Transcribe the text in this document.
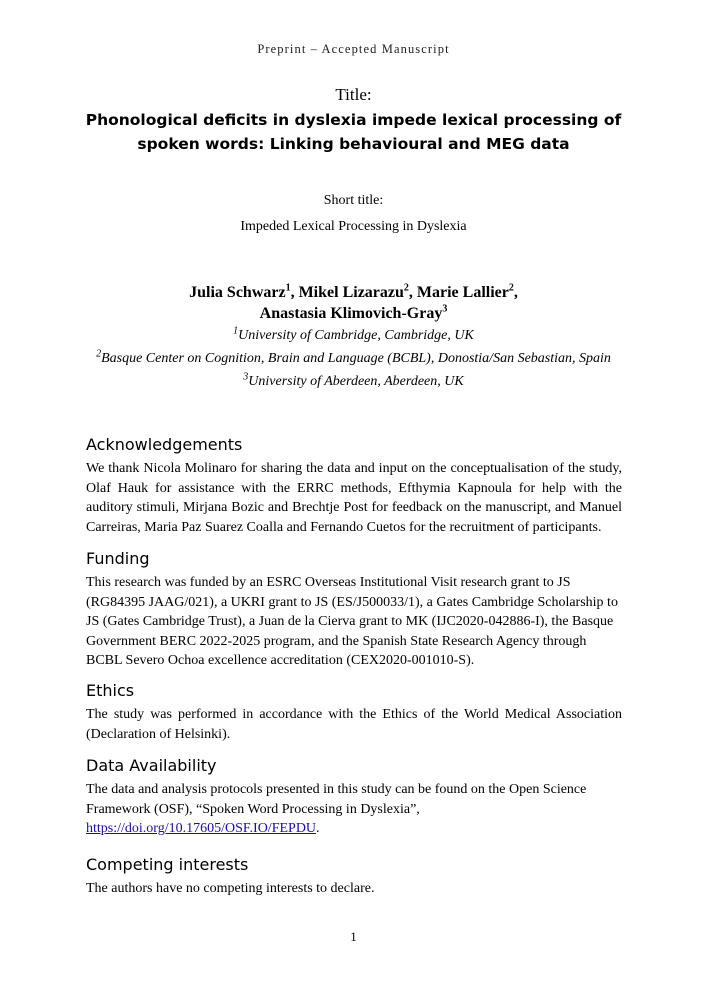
Preprint – Accepted Manuscript
Title:
Phonological deficits in dyslexia impede lexical processing of spoken words: Linking behavioural and MEG data
Short title:
Impeded Lexical Processing in Dyslexia
Julia Schwarz$^1$, Mikel Lizarazu$^2$, Marie Lallier$^2$,
Anastasia Klimovich-Gray$^3$
$^1$University of Cambridge, Cambridge, UK
$^2$Basque Center on Cognition, Brain and Language (BCBL), Donostia/San Sebastian, Spain
$^3$University of Aberdeen, Aberdeen, UK
Acknowledgements
We thank Nicola Molinaro for sharing the data and input on the conceptualisation of the study, Olaf Hauk for assistance with the ERRC methods, Efthymia Kapnoula for help with the auditory stimuli, Mirjana Bozic and Brechtje Post for feedback on the manuscript, and Manuel Carreiras, Maria Paz Suarez Coalla and Fernando Cuetos for the recruitment of participants.
Funding
This research was funded by an ESRC Overseas Institutional Visit research grant to JS (RG84395 JAAG/021), a UKRI grant to JS (ES/J500033/1), a Gates Cambridge Scholarship to JS (Gates Cambridge Trust), a Juan de la Cierva grant to MK (IJC2020-042886-I), the Basque Government BERC 2022-2025 program, and the Spanish State Research Agency through BCBL Severo Ochoa excellence accreditation (CEX2020-001010-S).
Ethics
The study was performed in accordance with the Ethics of the World Medical Association (Declaration of Helsinki).
Data Availability
The data and analysis protocols presented in this study can be found on the Open Science Framework (OSF), “Spoken Word Processing in Dyslexia”,
https://doi.org/10.17605/OSF.IO/FEPDU.
Competing interests
The authors have no competing interests to declare.
1
